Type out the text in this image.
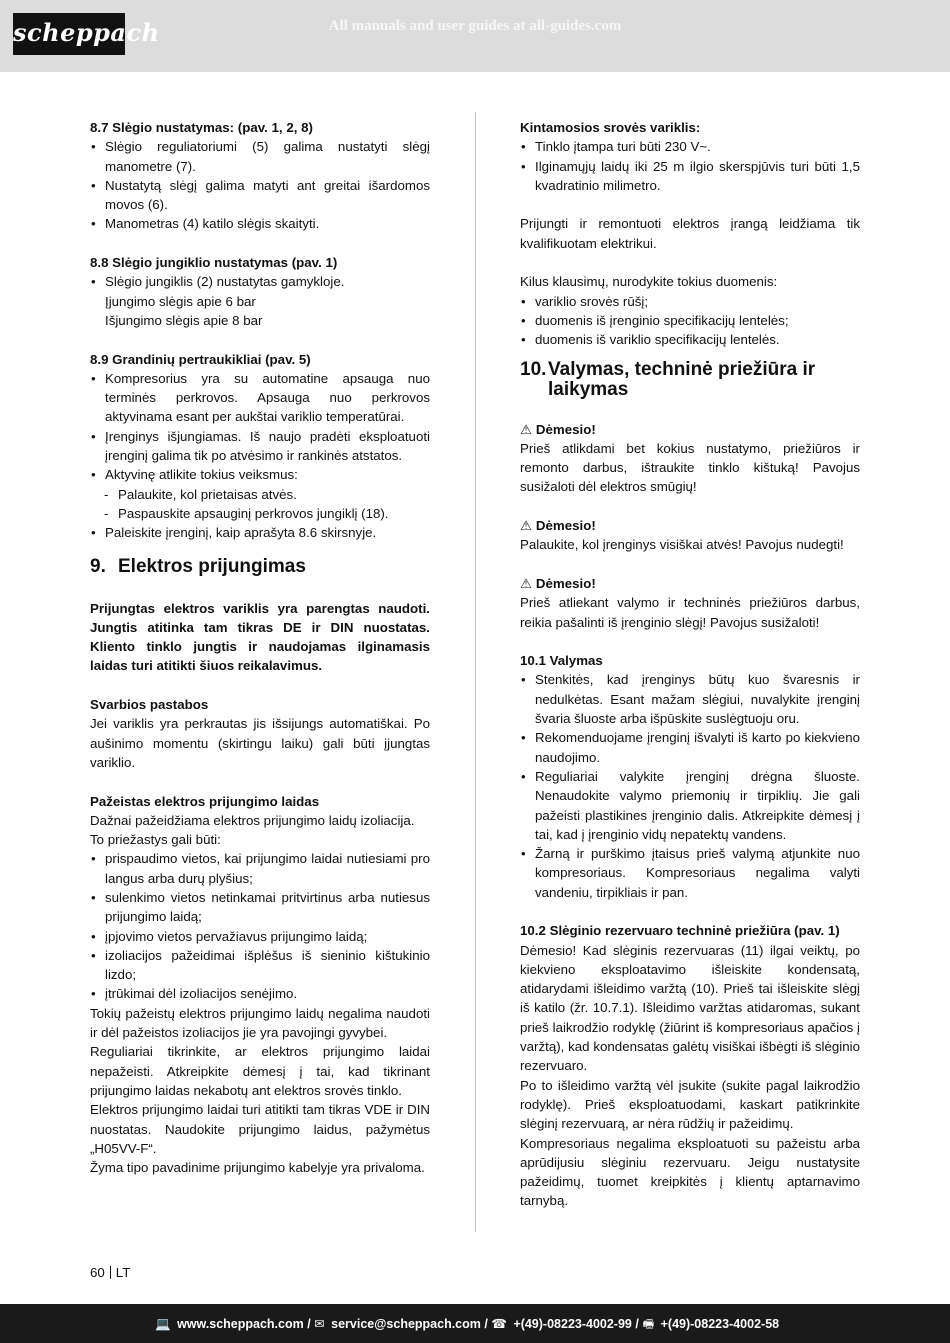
scheppach	All manuals and user guides at all-guides.com

8.7 Slėgio nustatymas: (pav. 1, 2, 8)

• Slėgio reguliatoriumi (5) galima nustatyti slėgį manometre (7).
• Nustatytą slėgį galima matyti ant greitai išardomos movos (6).
• Manometras (4) katilo slėgis skaityti.

8.8 Slėgio jungiklio nustatymas (pav. 1)

• Slėgio jungiklis (2) nustatytas gamykloje.

Įjungimo slėgis apie 6 bar

Išjungimo slėgis apie 8 bar

8.9 Grandinių pertraukikliai (pav. 5)

• Kompresorius yra su automatine apsauga nuo terminės perkrovos. Apsauga nuo perkrovos aktyvinama esant per aukštai variklio temperatūrai.
• Įrenginys išjungiamas. Iš naujo pradėti eksploatuoti įrenginį galima tik po atvėsimo ir rankinės atstatos.
• Aktyvinę atlikite tokius veiksmus:
- Palaukite, kol prietaisas atvės.
- Paspauskite apsauginį perkrovos jungiklį (18).
• Paleiskite įrenginį, kaip aprašyta 8.6 skirsnyje.
9. Elektros prijungimas

Prijungtas elektros variklis yra parengtas naudoti. Jungtis atitinka tam tikras DE ir DIN nuostatas. Kliento tinklo jungtis ir naudojamas ilginamasis laidas turi atitikti šiuos reikalavimus.

Svarbios pastabos

Jei variklis yra perkrautas jis išsijungs automatiškai. Po aušinimo momentu (skirtingu laiku) gali būti įjungtas variklio.

Pažeistas elektros prijungimo laidas

Dažnai pažeidžiama elektros prijungimo laidų izoliacija.

To priežastys gali būti:

• prispaudimo vietos, kai prijungimo laidai nutiesiami pro langus arba durų plyšius;
• sulenkimo vietos netinkamai pritvirtinus arba nutiesus prijungimo laidą;
• įpjovimo vietos pervažiavus prijungimo laidą;
• izoliacijos pažeidimai išplėšus iš sieninio kištukinio lizdo;
• įtrūkimai dėl izoliacijos senėjimo.

Tokių pažeistų elektros prijungimo laidų negalima naudoti ir dėl pažeistos izoliacijos jie yra pavojingi gyvybei.

Reguliariai tikrinkite, ar elektros prijungimo laidai nepažeisti. Atkreipkite dėmesį į tai, kad tikrinant prijungimo laidas nekabotų ant elektros srovės tinklo.

Elektros prijungimo laidai turi atitikti tam tikras VDE ir DIN nuostatas. Naudokite prijungimo laidus, pažymėtus „H05VV-F“.

Žyma tipo pavadinime prijungimo kabelyje yra privaloma.

Kintamosios srovės variklis:

• Tinklo įtampa turi būti 230 V~.
• Ilginamųjų laidų iki 25 m ilgio skerspjūvis turi būti 1,5 kvadratinio milimetro.

Prijungti ir remontuoti elektros įrangą leidžiama tik kvalifikuotam elektrikui.

Kilus klausimų, nurodykite tokius duomenis:

• variklio srovės rūšį;
• duomenis iš įrenginio specifikacijų lentelės;
• duomenis iš variklio specifikacijų lentelės.
10. Valymas, techninė priežiūra ir laikymas

⚠ Dėmesio!

Prieš atlikdami bet kokius nustatymo, priežiūros ir remonto darbus, ištraukite tinklo kištuką! Pavojus susižaloti dėl elektros smūgių!

⚠ Dėmesio!

Palaukite, kol įrenginys visiškai atvės! Pavojus nudegti!

⚠ Dėmesio!

Prieš atliekant valymo ir techninės priežiūros darbus, reikia pašalinti iš įrenginio slėgį! Pavojus susižaloti!

10.1 Valymas

• Stenkitės, kad įrenginys būtų kuo švaresnis ir nedulkėtas. Esant mažam slėgiui, nuvalykite įrenginį švaria šluoste arba išpūskite suslėgtuoju oru.
• Rekomenduojame įrenginį išvalyti iš karto po kiekvieno naudojimo.
• Reguliariai valykite įrenginį drėgna šluoste. Nenaudokite valymo priemonių ir tirpiklių. Jie gali pažeisti plastikines įrenginio dalis. Atkreipkite dėmesį į tai, kad į įrenginio vidų nepatektų vandens.
• Žarną ir purškimo įtaisus prieš valymą atjunkite nuo kompresoriaus. Kompresoriaus negalima valyti vandeniu, tirpikliais ir pan.

10.2 Slėginio rezervuaro techninė priežiūra (pav. 1)

Dėmesio! Kad slėginis rezervuaras (11) ilgai veiktų, po kiekvieno eksploatavimo išleiskite kondensatą, atidarydami išleidimo varžtą (10). Prieš tai išleiskite slėgį iš katilo (žr. 10.7.1). Išleidimo varžtas atidaromas, sukant prieš laikrodžio rodyklę (žiūrint iš kompresoriaus apačios į varžtą), kad kondensatas galėtų visiškai išbėgti iš slėginio rezervuaro.

Po to išleidimo varžtą vėl įsukite (sukite pagal laikrodžio rodyklę). Prieš eksploatuodami, kaskart patikrinkite slėginį rezervuarą, ar nėra rūdžių ir pažeidimų.

Kompresoriaus negalima eksploatuoti su pažeistu arba aprūdijusiu slėginiu rezervuaru. Jeigu nustatysite pažeidimų, tuomet kreipkitės į klientų aptarnavimo tarnybą.

60 LT
💻 www.scheppach.com / ✉ service@scheppach.com / ☎ +(49)-08223-4002-99 / 🖷 +(49)-08223-4002-58
